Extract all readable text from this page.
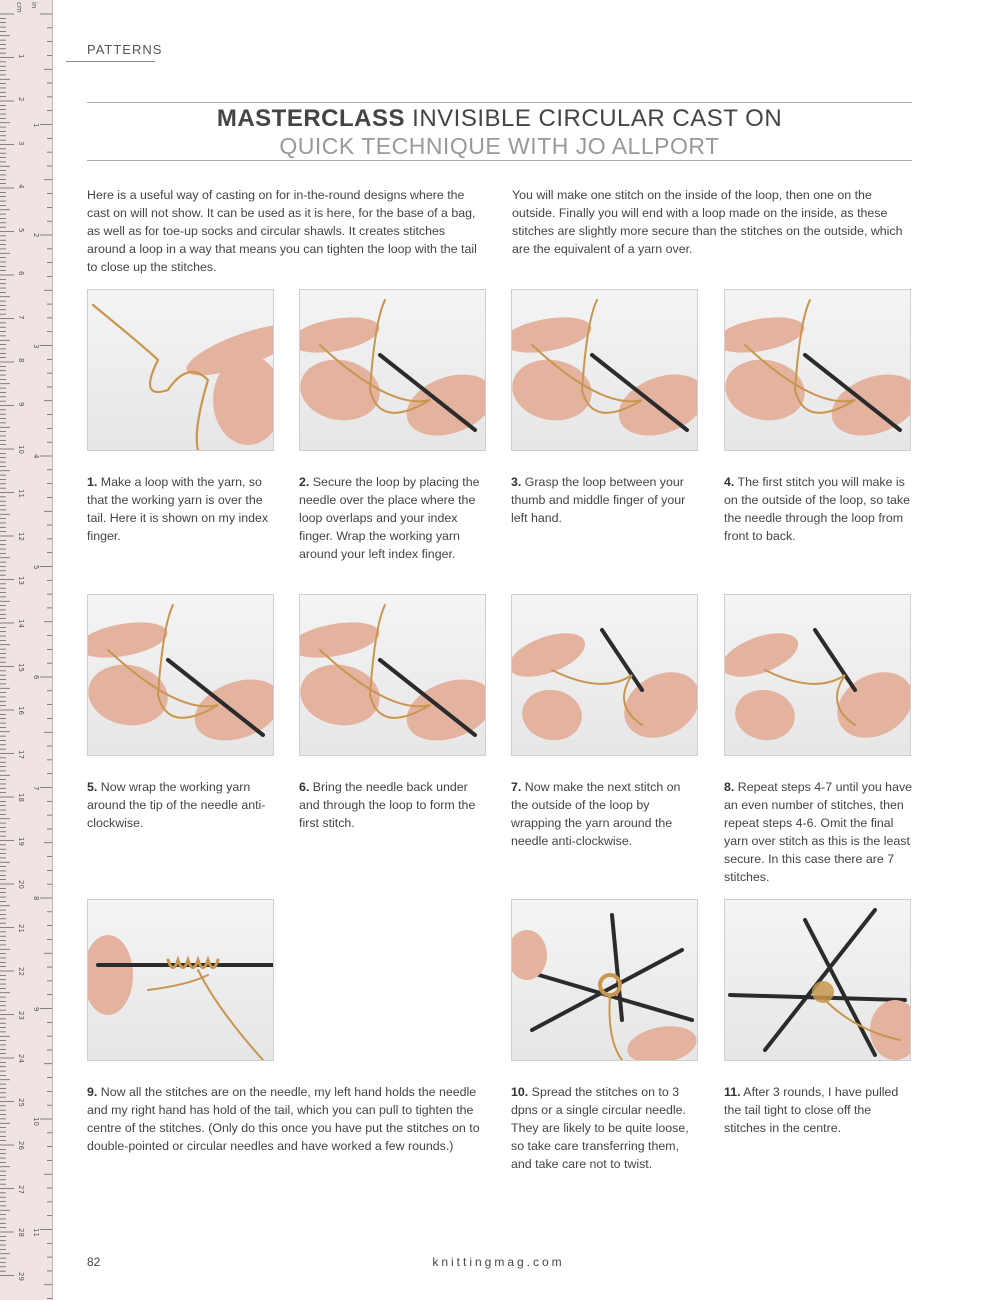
1
2
3
4
5
6
7
8
9
10
11
12
13
14
15
16
17
18
19
20
21
22
23
24
25
26
27
28
29
1
2
3
4
5
6
7
8
9
10
11
cm in
PATTERNS
MASTERCLASS INVISIBLE CIRCULAR CAST ON
QUICK TECHNIQUE WITH JO ALLPORT
Here is a useful way of casting on for in-the-round designs where the cast on will not show. It can be used as it is here, for the base of a bag, as well as for toe-up socks and circular shawls. It creates stitches around a loop in a way that means you can tighten the loop with the tail to close up the stitches.
You will make one stitch on the inside of the loop, then one on the outside. Finally you will end with a loop made on the inside, as these stitches are slightly more secure than the stitches on the outside, which are the equivalent of a yarn over.
1. Make a loop with the yarn, so that the working yarn is over the tail. Here it is shown on my index finger.
2. Secure the loop by placing the needle over the place where the loop overlaps and your index finger. Wrap the working yarn around your left index finger.
3. Grasp the loop between your thumb and middle finger of your left hand.
4. The first stitch you will make is on the outside of the loop, so take the needle through the loop from front to back.
5. Now wrap the working yarn around the tip of the needle anti-clockwise.
6. Bring the needle back under and through the loop to form the first stitch.
7. Now make the next stitch on the outside of the loop by wrapping the yarn around the needle anti-clockwise.
8. Repeat steps 4-7 until you have an even number of stitches, then repeat steps 4-6. Omit the final yarn over stitch as this is the least secure. In this case there are 7 stitches.
9. Now all the stitches are on the needle, my left hand holds the needle and my right hand has hold of the tail, which you can pull to tighten the centre of the stitches. (Only do this once you have put the stitches on to double-pointed or circular needles and have worked a few rounds.)
10. Spread the stitches on to 3 dpns or a single circular needle. They are likely to be quite loose, so take care transferring them, and take care not to twist.
11. After 3 rounds, I have pulled the tail tight to close off the stitches in the centre.
82	knittingmag.com
